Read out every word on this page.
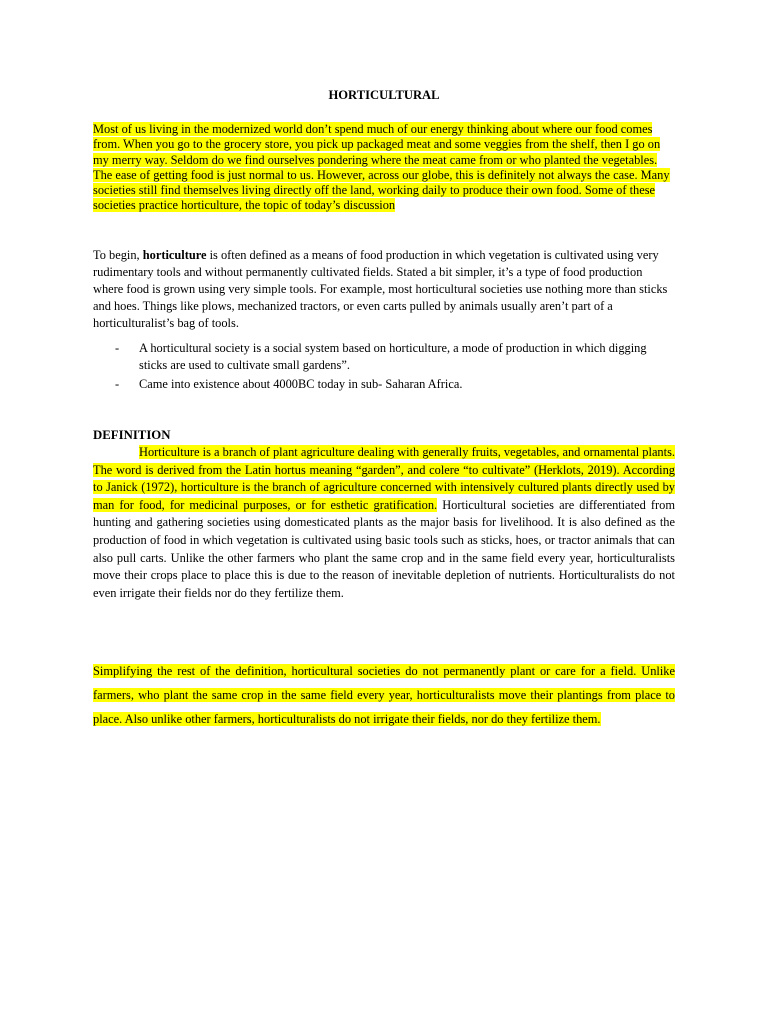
HORTICULTURAL

Most of us living in the modernized world don’t spend much of our energy thinking about where our food comes from. When you go to the grocery store, you pick up packaged meat and some veggies from the shelf, then I go on my merry way. Seldom do we find ourselves pondering where the meat came from or who planted the vegetables. The ease of getting food is just normal to us. However, across our globe, this is definitely not always the case. Many societies still find themselves living directly off the land, working daily to produce their own food. Some of these societies practice horticulture, the topic of today’s discussion

To begin, horticulture is often defined as a means of food production in which vegetation is cultivated using very rudimentary tools and without permanently cultivated fields. Stated a bit simpler, it’s a type of food production where food is grown using very simple tools. For example, most horticultural societies use nothing more than sticks and hoes. Things like plows, mechanized tractors, or even carts pulled by animals usually aren’t part of a horticulturalist’s bag of tools.

- A horticultural society is a social system based on horticulture, a mode of production in which digging sticks are used to cultivate small gardens”.
- Came into existence about 4000BC today in sub- Saharan Africa.
DEFINITION

Horticulture is a branch of plant agriculture dealing with generally fruits, vegetables, and ornamental plants. The word is derived from the Latin hortus meaning “garden”, and colere “to cultivate” (Herklots, 2019). According to Janick (1972), horticulture is the branch of agriculture concerned with intensively cultured plants directly used by man for food, for medicinal purposes, or for esthetic gratification. Horticultural societies are differentiated from hunting and gathering societies using domesticated plants as the major basis for livelihood. It is also defined as the production of food in which vegetation is cultivated using basic tools such as sticks, hoes, or tractor animals that can also pull carts. Unlike the other farmers who plant the same crop and in the same field every year, horticulturalists move their crops place to place this is due to the reason of inevitable depletion of nutrients. Horticulturalists do not even irrigate their fields nor do they fertilize them.

Simplifying the rest of the definition, horticultural societies do not permanently plant or care for a field. Unlike farmers, who plant the same crop in the same field every year, horticulturalists move their plantings from place to place. Also unlike other farmers, horticulturalists do not irrigate their fields, nor do they fertilize them.
